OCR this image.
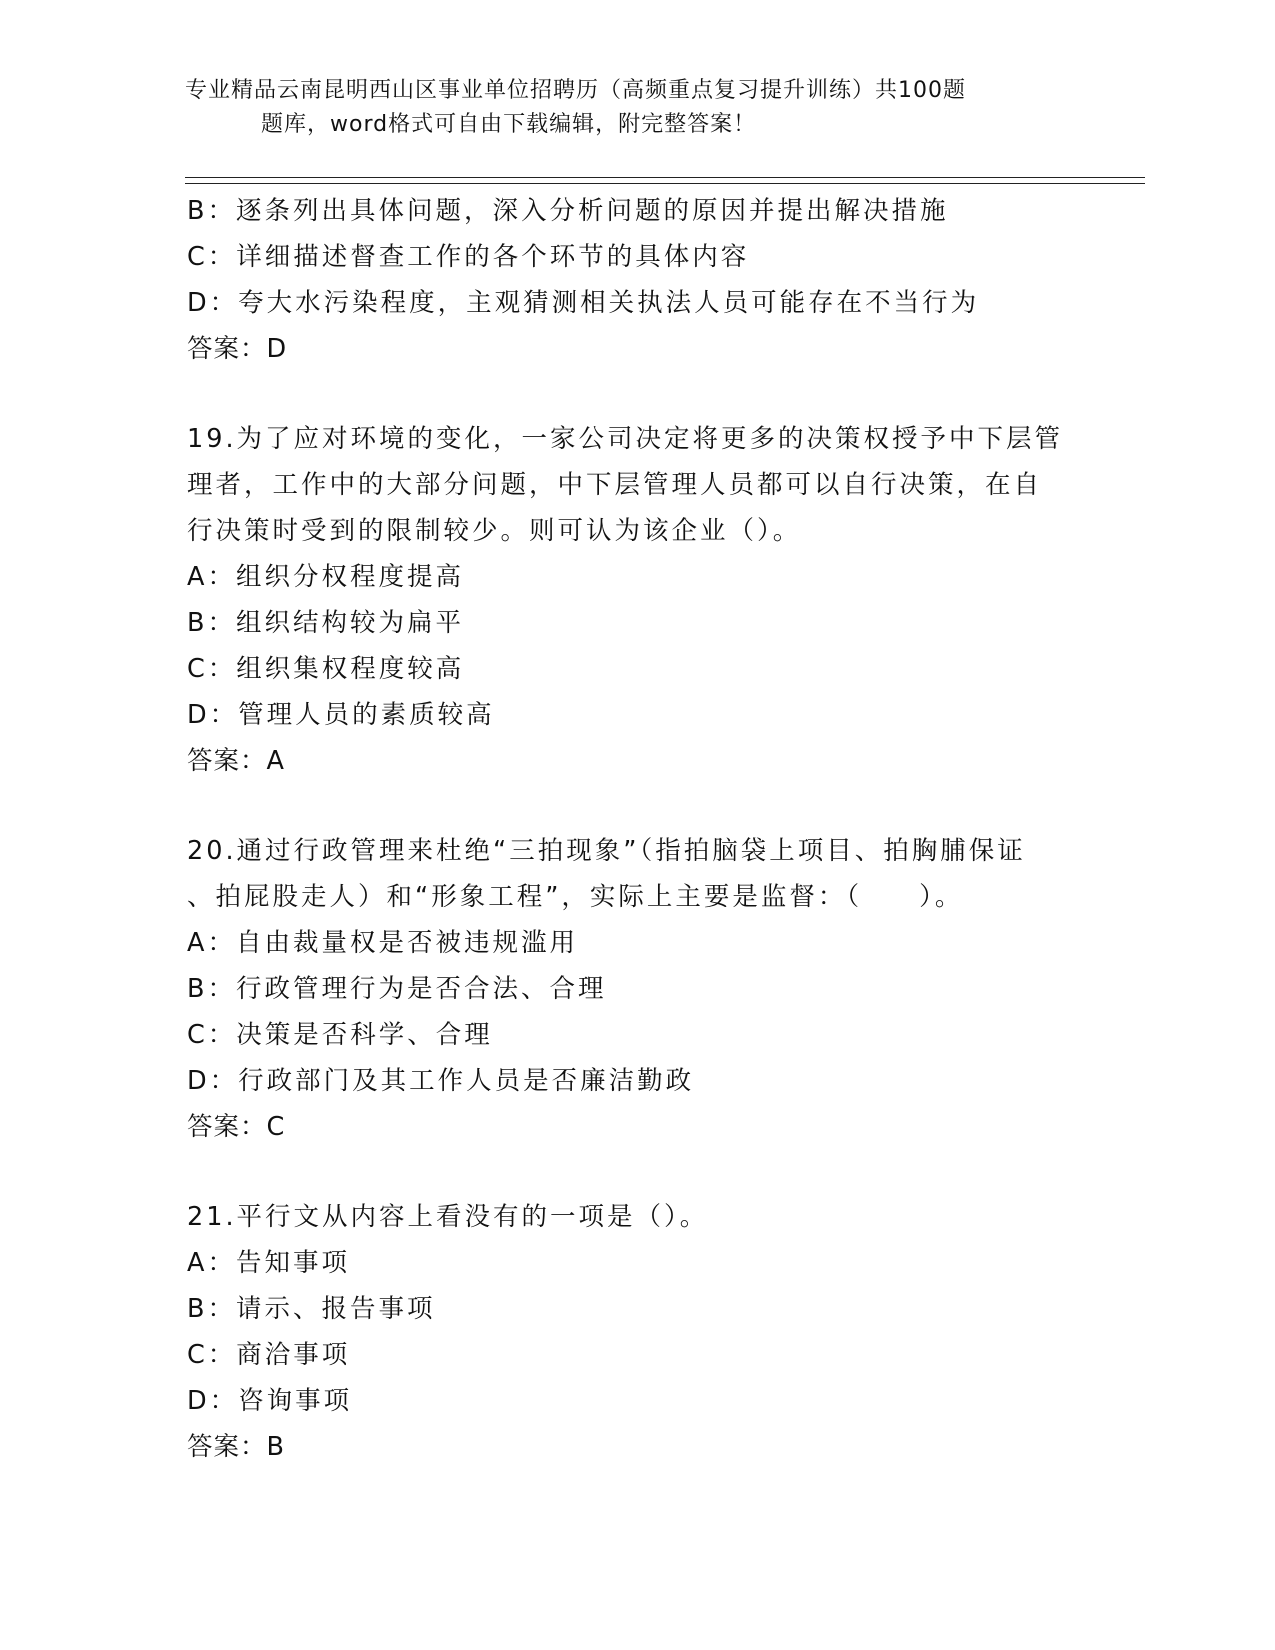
专业精品云南昆明西山区事业单位招聘历（高频重点复习提升训练）共100题
题库，word格式可自由下载编辑，附完整答案！
B：逐条列出具体问题，深入分析问题的原因并提出解决措施
C：详细描述督查工作的各个环节的具体内容
D：夸大水污染程度，主观猜测相关执法人员可能存在不当行为
答案：D
19.为了应对环境的变化，一家公司决定将更多的决策权授予中下层管
理者，工作中的大部分问题，中下层管理人员都可以自行决策，在自
行决策时受到的限制较少。则可认为该企业（）。
A：组织分权程度提高
B：组织结构较为扁平
C：组织集权程度较高
D：管理人员的素质较高
答案：A
20.通过行政管理来杜绝“三拍现象”（指拍脑袋上项目、拍胸脯保证
、拍屁股走人）和“形象工程”，实际上主要是监督：（　　）。
A：自由裁量权是否被违规滥用
B：行政管理行为是否合法、合理
C：决策是否科学、合理
D：行政部门及其工作人员是否廉洁勤政
答案：C
21.平行文从内容上看没有的一项是（）。
A：告知事项
B：请示、报告事项
C：商洽事项
D：咨询事项
答案：B
